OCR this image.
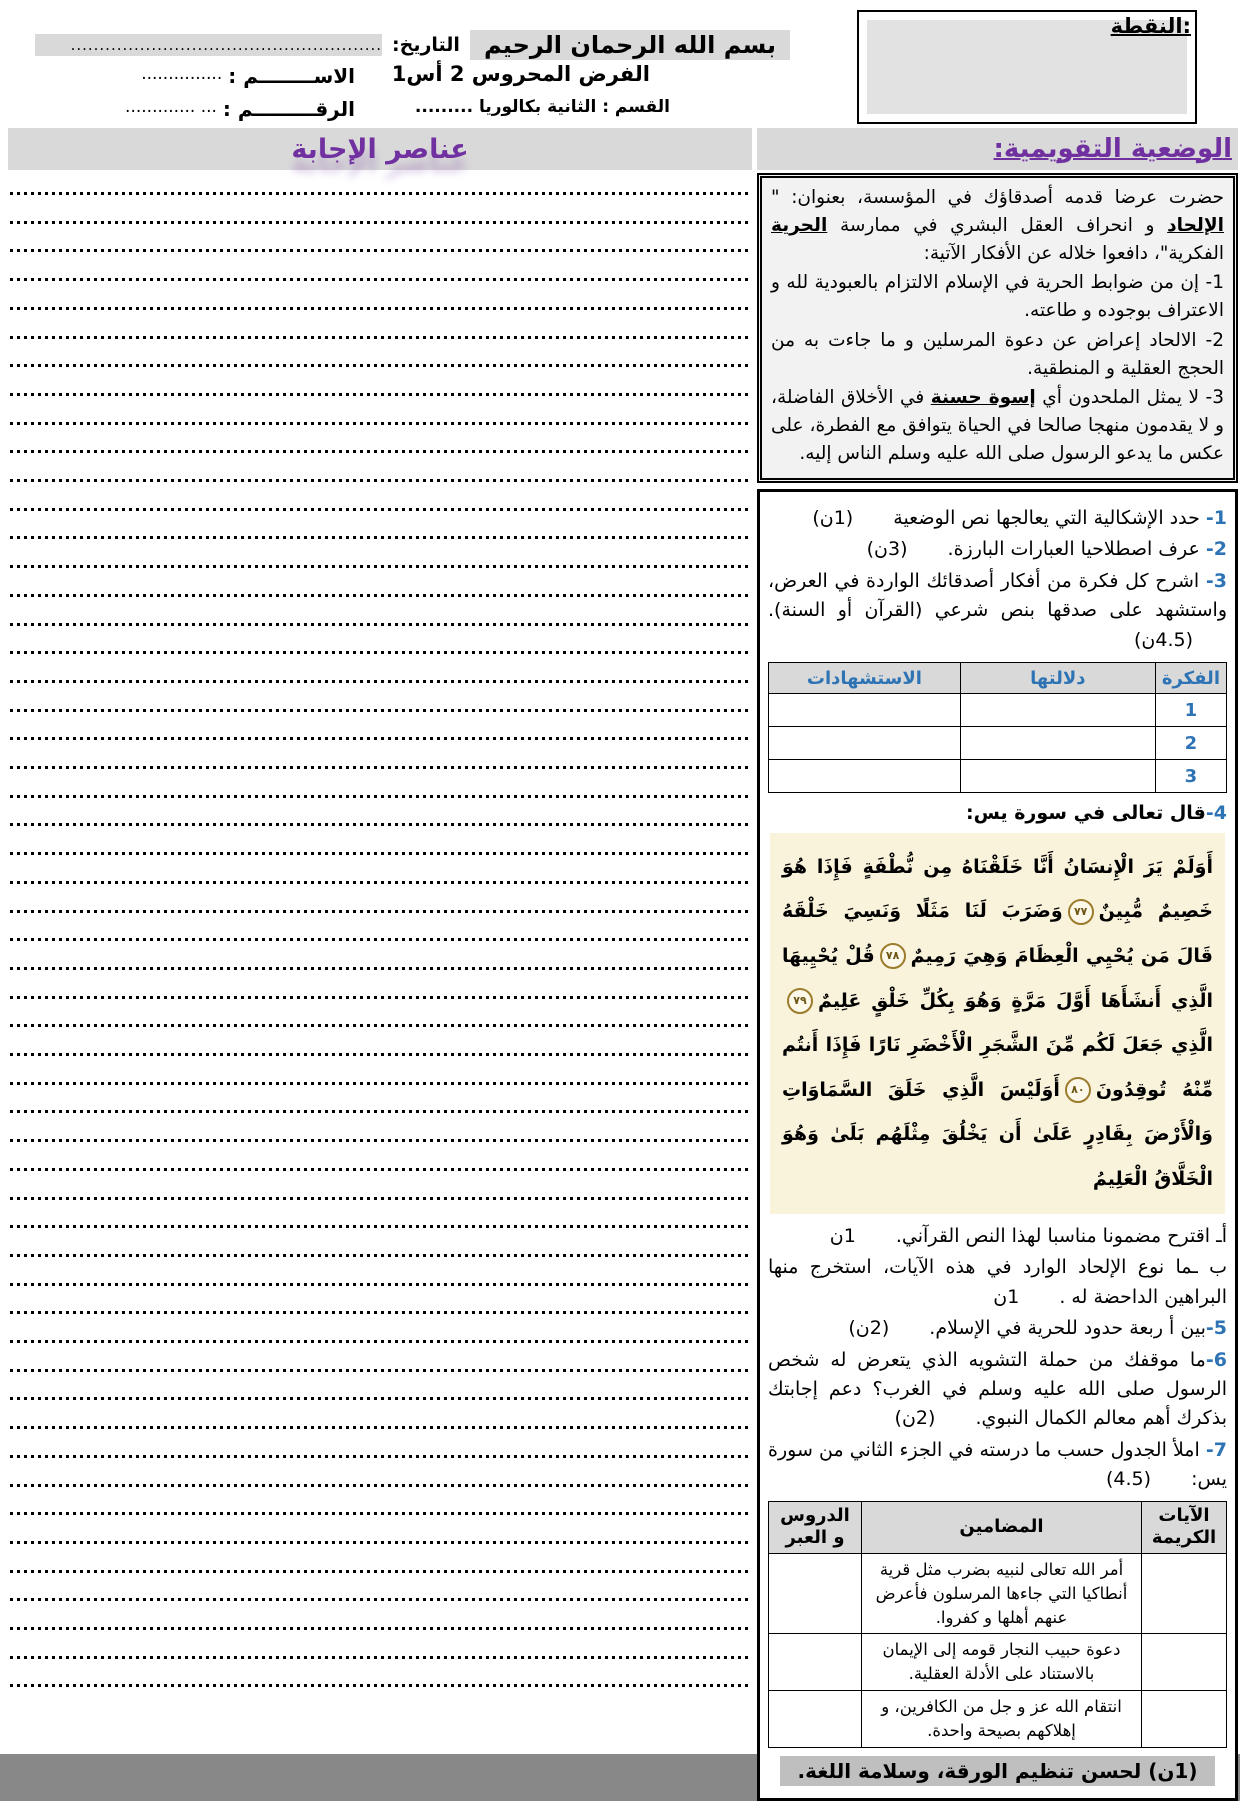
النقطة:
بسم الله الرحمان الرحيم
التاريخ:
......................................................
الفرض المحروس 2 أس1
القسم : الثانية بكالوريا .........
الاســــــــم :
...............
الرقـــــــــم :
... .............
عناصر الإجابة	الوضعية التقويمية:

حضرت عرضا قدمه أصدقاؤك في المؤسسة، بعنوان: " الإلحاد و انحراف العقل البشري في ممارسة الحرية الفكرية"، دافعوا خلاله عن الأفكار الآتية:

1- إن من ضوابط الحرية في الإسلام الالتزام بالعبودية لله و الاعتراف بوجوده و طاعته.

2- الالحاد إعراض عن دعوة المرسلين و ما جاءت به من الحجج العقلية و المنطقية.

3- لا يمثل الملحدون أي إسوة حسنة في الأخلاق الفاضلة، و لا يقدمون منهجا صالحا في الحياة يتوافق مع الفطرة، على عكس ما يدعو الرسول صلى الله عليه وسلم الناس إليه.

1- حدد الإشكالية التي يعالجها نص الوضعية (1ن)

2- عرف اصطلاحيا العبارات البارزة. (3ن)

3- اشرح كل فكرة من أفكار أصدقائك الواردة في العرض، واستشهد على صدقها بنص شرعي (القرآن أو السنة). (4.5ن)

الفكرة	دلالتها	الاستشهادات
1		
2		
3		

4-قال تعالى في سورة يس:

أَوَلَمْ يَرَ الْإِنسَانُ أَنَّا خَلَقْنَاهُ مِن نُّطْفَةٍ فَإِذَا هُوَ خَصِيمٌ مُّبِينٌ٧٧وَضَرَبَ لَنَا مَثَلًا وَنَسِيَ خَلْقَهُ قَالَ مَن يُحْيِي الْعِظَامَ وَهِيَ رَمِيمٌ٧٨قُلْ يُحْيِيهَا الَّذِي أَنشَأَهَا أَوَّلَ مَرَّةٍ وَهُوَ بِكُلِّ خَلْقٍ عَلِيمٌ٧٩الَّذِي جَعَلَ لَكُم مِّنَ الشَّجَرِ الْأَخْضَرِ نَارًا فَإِذَا أَنتُم مِّنْهُ تُوقِدُونَ٨٠أَوَلَيْسَ الَّذِي خَلَقَ السَّمَاوَاتِ وَالْأَرْضَ بِقَادِرٍ عَلَىٰ أَن يَخْلُقَ مِثْلَهُم بَلَىٰ وَهُوَ الْخَلَّاقُ الْعَلِيمُ

أـ اقترح مضمونا مناسبا لهذا النص القرآني. 1ن

ب ـما نوع الإلحاد الوارد في هذه الآيات، استخرج منها البراهين الداحضة له . 1ن

5-بين أ ربعة حدود للحرية في الإسلام. (2ن)

6-ما موقفك من حملة التشويه الذي يتعرض له شخص الرسول صلى الله عليه وسلم في الغرب؟ دعم إجابتك بذكرك أهم معالم الكمال النبوي. (2ن)

7- املأ الجدول حسب ما درسته في الجزء الثاني من سورة يس: (4.5)

الآيات الكريمة	المضامين	الدروس و العبر
	أمر الله تعالى لنبيه بضرب مثل قرية أنطاكيا التي جاءها المرسلون فأعرض عنهم أهلها و كفروا.	
	دعوة حبيب النجار قومه إلى الإيمان بالاستناد على الأدلة العقلية.	
	انتقام الله عز و جل من الكافرين، و إهلاكهم بصيحة واحدة.	
(1ن) لحسن تنظيم الورقة، وسلامة اللغة.
